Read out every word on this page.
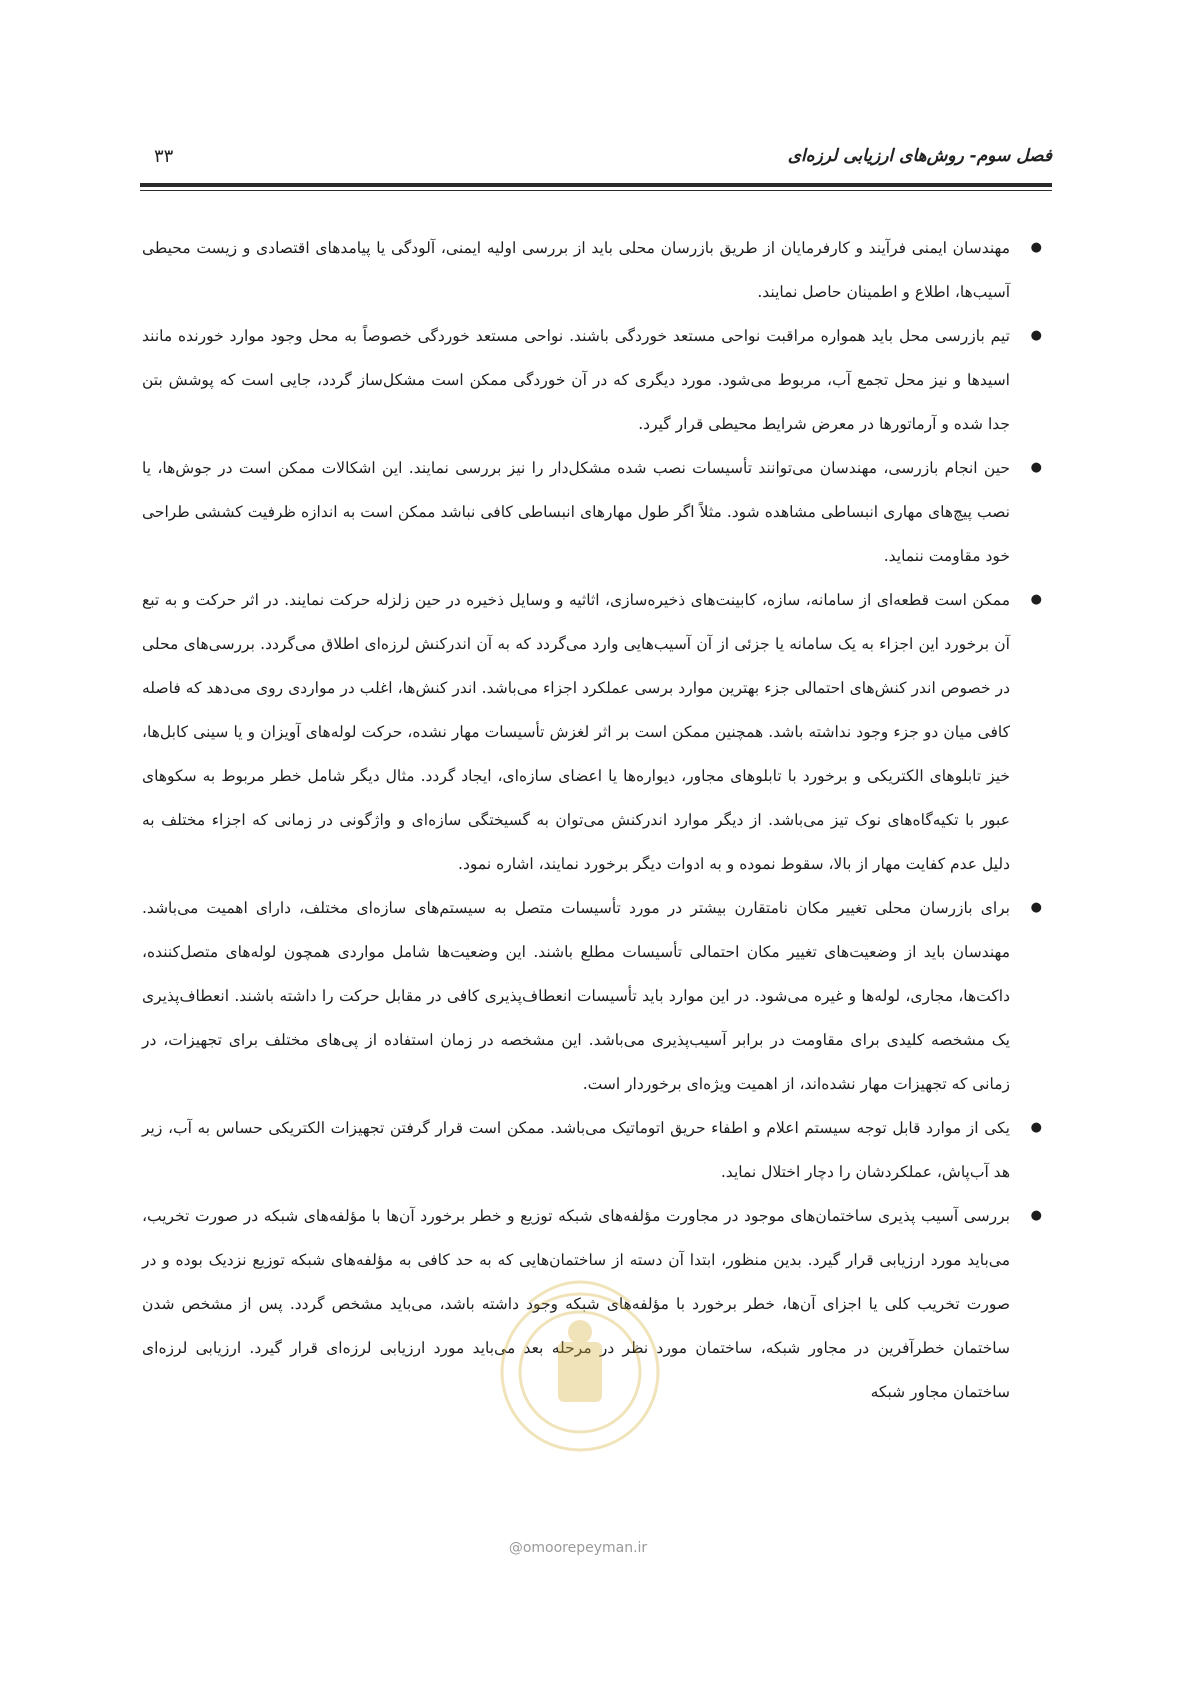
فصل سوم- روش‌های ارزیابی لرزه‌ای
۳۳
●
مهندسان ایمنی فرآیند و کارفرمایان از طریق بازرسان محلی باید از بررسی اولیه ایمنی، آلودگی یا پیامدهای اقتصادی و زیست محیطی آسیب‌ها، اطلاع و اطمینان حاصل نمایند.
●
تیم بازرسی محل باید همواره مراقبت نواحی مستعد خوردگی باشند. نواحی مستعد خوردگی خصوصاً به محل وجود موارد خورنده مانند اسیدها و نیز محل تجمع آب، مربوط می‌شود. مورد دیگری که در آن خوردگی ممکن است مشکل‌ساز گردد، جایی است که پوشش بتن جدا شده و آرماتورها در معرض شرایط محیطی قرار گیرد.
●
حین انجام بازرسی، مهندسان می‌توانند تأسیسات نصب شده مشکل‌دار را نیز بررسی نمایند. این اشکالات ممکن است در جوش‌ها، یا نصب پیچ‌های مهاری انبساطی مشاهده شود. مثلاً اگر طول مهارهای انبساطی کافی نباشد ممکن است به اندازه ظرفیت کششی طراحی خود مقاومت ننماید.
●
ممکن است قطعه‌ای از سامانه، سازه، کابینت‌های ذخیره‌سازی، اثاثیه و وسایل ذخیره در حین زلزله حرکت نمایند. در اثر حرکت و به تبع آن برخورد این اجزاء به یک سامانه یا جزئی از آن آسیب‌هایی وارد می‌گردد که به آن اندرکنش لرزه‌ای اطلاق می‌گردد. بررسی‌های محلی در خصوص اندر کنش‌های احتمالی جزء بهترین موارد برسی عملکرد اجزاء می‌باشد. اندر کنش‌ها، اغلب در مواردی روی می‌دهد که فاصله کافی میان دو جزء وجود نداشته باشد. همچنین ممکن است بر اثر لغزش تأسیسات مهار نشده، حرکت لوله‌های آویزان و یا سینی کابل‌ها، خیز تابلوهای الکتریکی و برخورد با تابلوهای مجاور، دیواره‌ها یا اعضای سازه‌ای، ایجاد گردد. مثال دیگر شامل خطر مربوط به سکوهای عبور با تکیه‌گاه‌های نوک تیز می‌باشد. از دیگر موارد اندرکنش می‌توان به گسیختگی سازه‌ای و واژگونی در زمانی که اجزاء مختلف به دلیل عدم کفایت مهار از بالا، سقوط نموده و به ادوات دیگر برخورد نمایند، اشاره نمود.
●
برای بازرسان محلی تغییر مکان نامتقارن بیشتر در مورد تأسیسات متصل به سیستم‌های سازه‌ای مختلف، دارای اهمیت می‌باشد. مهندسان باید از وضعیت‌های تغییر مکان احتمالی تأسیسات مطلع باشند. این وضعیت‌ها شامل مواردی همچون لوله‌های متصل‌کننده، داکت‌ها، مجاری، لوله‌ها و غیره می‌شود. در این موارد باید تأسیسات انعطاف‌پذیری کافی در مقابل حرکت را داشته باشند. انعطاف‌پذیری یک مشخصه کلیدی برای مقاومت در برابر آسیب‌پذیری می‌باشد. این مشخصه در زمان استفاده از پی‌های مختلف برای تجهیزات، در زمانی که تجهیزات مهار نشده‌اند، از اهمیت ویژه‌ای برخوردار است.
●
یکی از موارد قابل توجه سیستم اعلام و اطفاء حریق اتوماتیک می‌باشد. ممکن است قرار گرفتن تجهیزات الکتریکی حساس به آب، زیر هد آب‌پاش، عملکردشان را دچار اختلال نماید.
●
بررسی آسیب پذیری ساختمان‌های موجود در مجاورت مؤلفه‌های شبکه توزیع و خطر برخورد آن‌ها با مؤلفه‌های شبکه در صورت تخریب، می‌باید مورد ارزیابی قرار گیرد. بدین منظور، ابتدا آن دسته از ساختمان‌هایی که به حد کافی به مؤلفه‌های شبکه توزیع نزدیک بوده و در صورت تخریب کلی یا اجزای آن‌ها، خطر برخورد با مؤلفه‌های شبکه وجود داشته باشد، می‌باید مشخص گردد. پس از مشخص شدن ساختمان خطرآفرین در مجاور شبکه، ساختمان مورد نظر در مرحله بعد می‌باید مورد ارزیابی لرزه‌ای قرار گیرد. ارزیابی لرزه‌ای ساختمان مجاور شبکه
@omoorepeyman.ir
